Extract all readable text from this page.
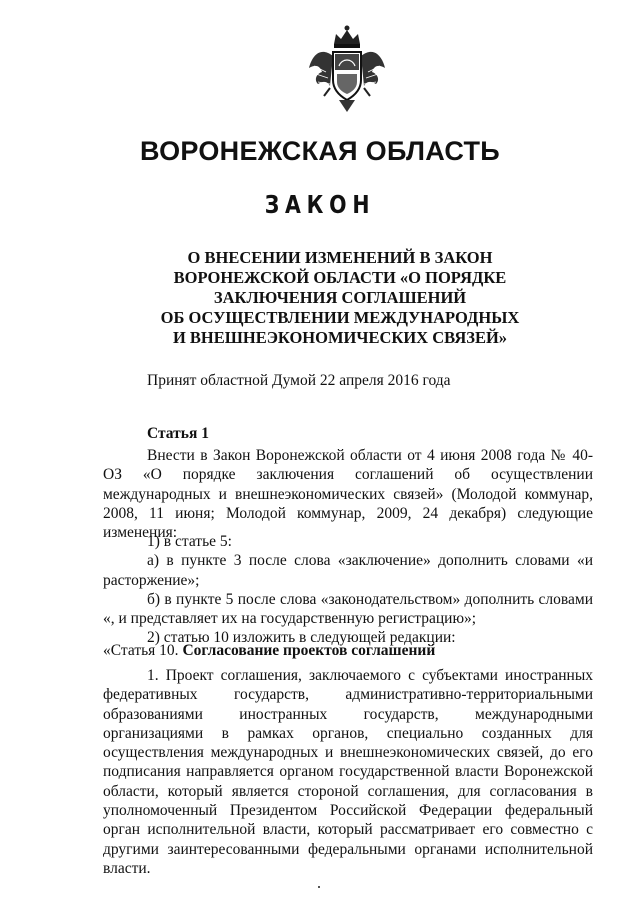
ВОРОНЕЖСКАЯ ОБЛАСТЬ
ЗАКОН
О ВНЕСЕНИИ ИЗМЕНЕНИЙ В ЗАКОН
ВОРОНЕЖСКОЙ ОБЛАСТИ «О ПОРЯДКЕ
ЗАКЛЮЧЕНИЯ СОГЛАШЕНИЙ
ОБ ОСУЩЕСТВЛЕНИИ МЕЖДУНАРОДНЫХ
И ВНЕШНЕЭКОНОМИЧЕСКИХ СВЯЗЕЙ»
Принят областной Думой 22 апреля 2016 года
Статья 1

Внести в Закон Воронежской области от 4 июня 2008 года № 40-ОЗ «О порядке заключения соглашений об осуществлении международных и внешнеэкономических связей» (Молодой коммунар, 2008, 11 июня; Молодой коммунар, 2009, 24 декабря) следующие изменения:

1) в статье 5:

а) в пункте 3 после слова «заключение» дополнить словами «и расторжение»;

б) в пункте 5 после слова «законодательством» дополнить словами «, и представляет их на государственную регистрацию»;

2) статью 10 изложить в следующей редакции:

«Статья 10. Согласование проектов соглашений

1. Проект соглашения, заключаемого с субъектами иностранных федеративных государств, административно-территориальными образованиями иностранных государств, международными организациями в рамках органов, специально созданных для осуществления международных и внешнеэкономических связей, до его подписания направляется органом государственной власти Воронежской области, который является стороной соглашения, для согласования в уполномоченный Президентом Российской Федерации федеральный орган исполнительной власти, который рассматривает его совместно с другими заинтересованными федеральными органами исполнительной власти.
